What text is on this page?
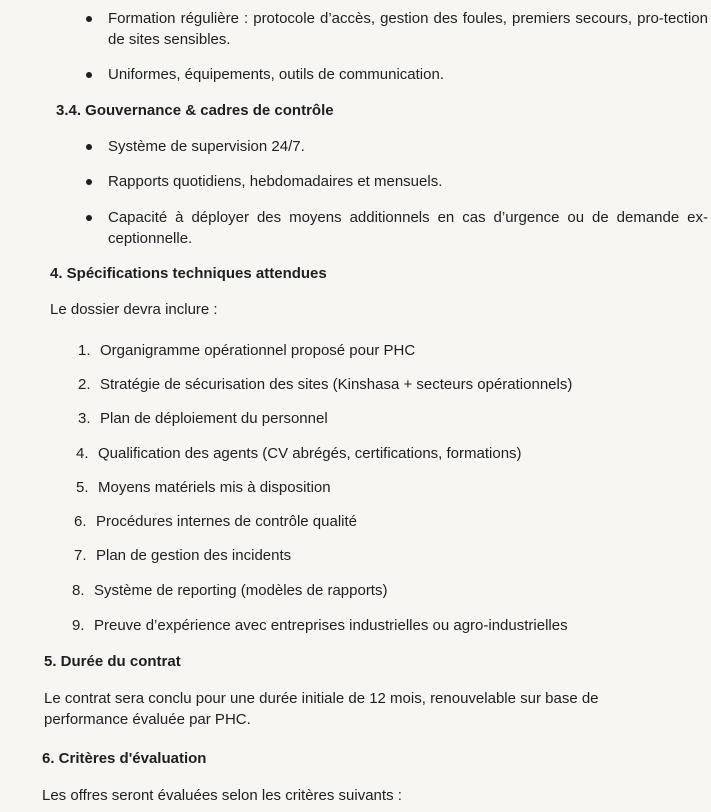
Formation régulière : protocole d’accès, gestion des foules, premiers secours, pro-tection de sites sensibles.
Uniformes, équipements, outils de communication.
3.4. Gouvernance & cadres de contrôle
Système de supervision 24/7.
Rapports quotidiens, hebdomadaires et mensuels.
Capacité à déployer des moyens additionnels en cas d’urgence ou de demande ex-ceptionnelle.
4. Spécifications techniques attendues
Le dossier devra inclure :
1. Organigramme opérationnel proposé pour PHC
2. Stratégie de sécurisation des sites (Kinshasa + secteurs opérationnels)
3. Plan de déploiement du personnel
4. Qualification des agents (CV abrégés, certifications, formations)
5. Moyens matériels mis à disposition
6. Procédures internes de contrôle qualité
7. Plan de gestion des incidents
8. Système de reporting (modèles de rapports)
9. Preuve d’expérience avec entreprises industrielles ou agro-industrielles
5. Durée du contrat
Le contrat sera conclu pour une durée initiale de 12 mois, renouvelable sur base de performance évaluée par PHC.
6. Critères d'évaluation
Les offres seront évaluées selon les critères suivants :
